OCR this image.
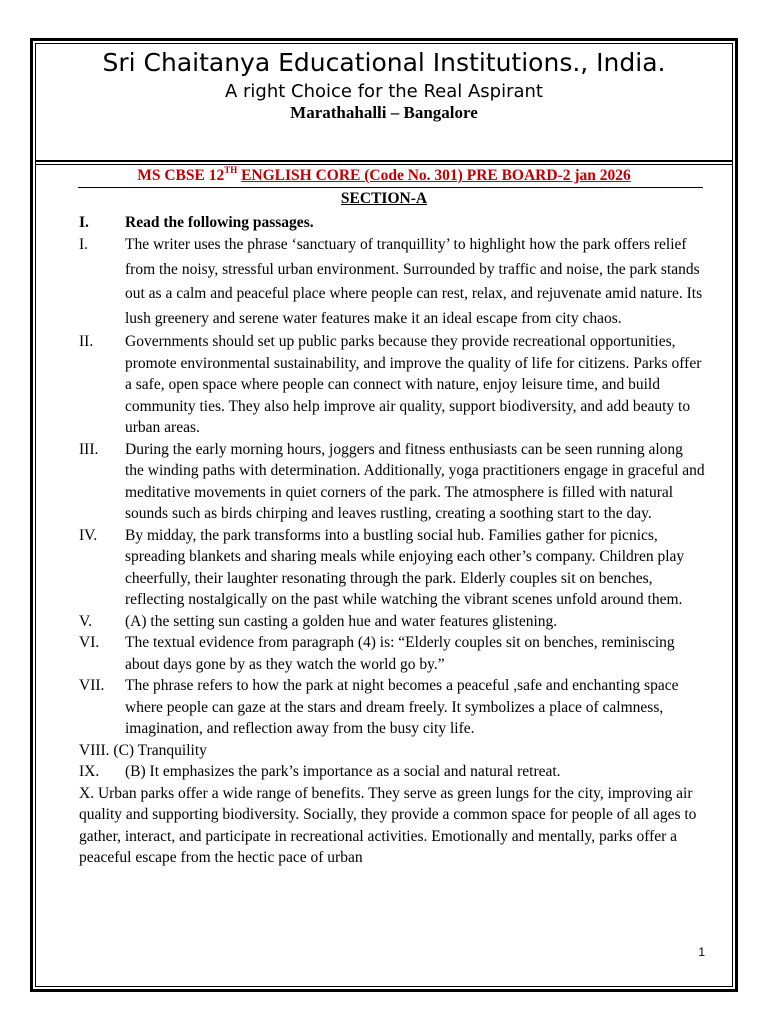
Sri Chaitanya Educational Institutions., India.
A right Choice for the Real Aspirant
Marathahalli – Bangalore
MS CBSE 12TH ENGLISH CORE (Code No. 301) PRE BOARD-2 jan 2026
SECTION-A
I.	Read the following passages.
I.	The writer uses the phrase ‘sanctuary of tranquillity’ to highlight how the park offers relief from the noisy, stressful urban environment. Surrounded by traffic and noise, the park stands out as a calm and peaceful place where people can rest, relax, and rejuvenate amid nature. Its lush greenery and serene water features make it an ideal escape from city chaos.
II.	Governments should set up public parks because they provide recreational opportunities, promote environmental sustainability, and improve the quality of life for citizens. Parks offer a safe, open space where people can connect with nature, enjoy leisure time, and build community ties. They also help improve air quality, support biodiversity, and add beauty to urban areas.
III.	During the early morning hours, joggers and fitness enthusiasts can be seen running along the winding paths with determination. Additionally, yoga practitioners engage in graceful and meditative movements in quiet corners of the park. The atmosphere is filled with natural sounds such as birds chirping and leaves rustling, creating a soothing start to the day.
IV.	By midday, the park transforms into a bustling social hub. Families gather for picnics, spreading blankets and sharing meals while enjoying each other’s company. Children play cheerfully, their laughter resonating through the park. Elderly couples sit on benches, reflecting nostalgically on the past while watching the vibrant scenes unfold around them.
V.	(A) the setting sun casting a golden hue and water features glistening.
VI.	The textual evidence from paragraph (4) is: “Elderly couples sit on benches, reminiscing about days gone by as they watch the world go by.”
VII.	The phrase refers to how the park at night becomes a peaceful ,safe and enchanting space where people can gaze at the stars and dream freely. It symbolizes a place of calmness, imagination, and reflection away from the busy city life.
VIII. (C) Tranquility
IX.	(B) It emphasizes the park’s importance as a social and natural retreat.
X. Urban parks offer a wide range of benefits. They serve as green lungs for the city, improving air quality and supporting biodiversity. Socially, they provide a common space for people of all ages to gather, interact, and participate in recreational activities. Emotionally and mentally, parks offer a peaceful escape from the hectic pace of urban
1
